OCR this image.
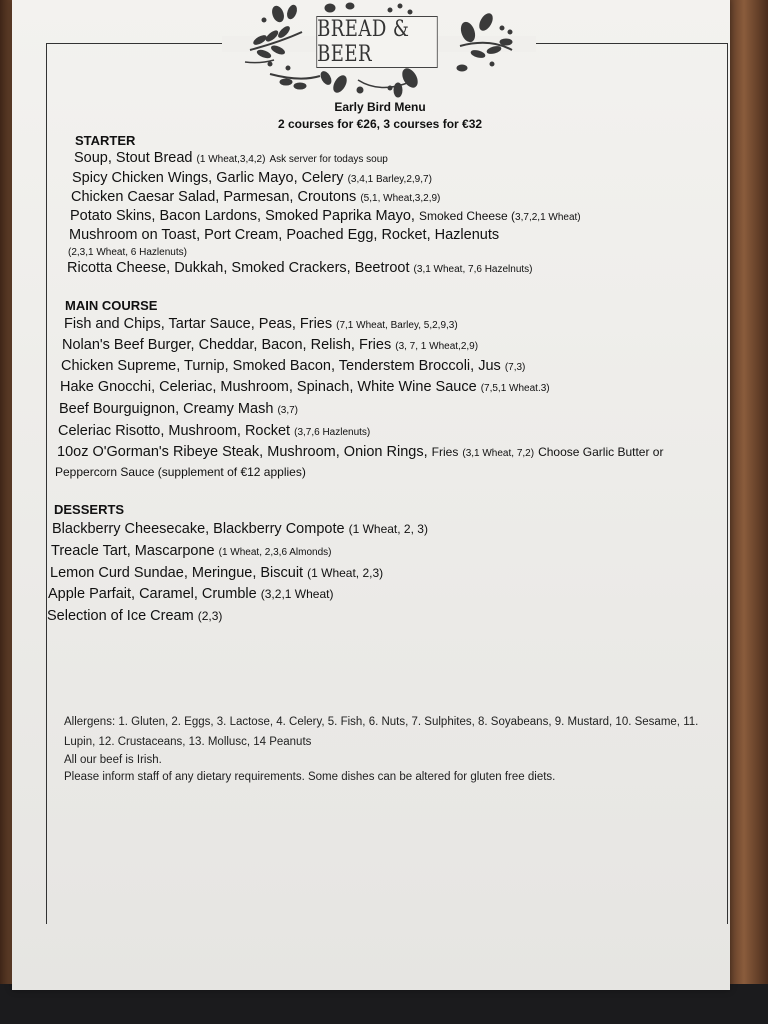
BREAD & BEER
Early Bird Menu
2 courses for €26, 3 courses for €32
STARTER
Soup, Stout Bread (1 Wheat,3,4,2) Ask server for todays soup
Spicy Chicken Wings, Garlic Mayo, Celery (3,4,1 Barley,2,9,7)
Chicken Caesar Salad, Parmesan, Croutons (5,1, Wheat,3,2,9)
Potato Skins, Bacon Lardons, Smoked Paprika Mayo, Smoked Cheese (3,7,2,1 Wheat)
Mushroom on Toast, Port Cream, Poached Egg, Rocket, Hazlenuts
(2,3,1 Wheat, 6 Hazlenuts)
Ricotta Cheese, Dukkah, Smoked Crackers, Beetroot (3,1 Wheat, 7,6 Hazelnuts)
MAIN COURSE
Fish and Chips, Tartar Sauce, Peas, Fries (7,1 Wheat, Barley, 5,2,9,3)
Nolan's Beef Burger, Cheddar, Bacon, Relish, Fries (3, 7, 1 Wheat,2,9)
Chicken Supreme, Turnip, Smoked Bacon, Tenderstem Broccoli, Jus (7,3)
Hake Gnocchi, Celeriac, Mushroom, Spinach, White Wine Sauce (7,5,1 Wheat.3)
Beef Bourguignon, Creamy Mash (3,7)
Celeriac Risotto, Mushroom, Rocket (3,7,6 Hazlenuts)
10oz O'Gorman's Ribeye Steak, Mushroom, Onion Rings, Fries (3,1 Wheat, 7,2) Choose Garlic Butter or
Peppercorn Sauce (supplement of €12 applies)
DESSERTS
Blackberry Cheesecake, Blackberry Compote (1 Wheat, 2, 3)
Treacle Tart, Mascarpone (1 Wheat, 2,3,6 Almonds)
Lemon Curd Sundae, Meringue, Biscuit (1 Wheat, 2,3)
Apple Parfait, Caramel, Crumble (3,2,1 Wheat)
Selection of Ice Cream (2,3)
Allergens: 1. Gluten, 2. Eggs, 3. Lactose, 4. Celery, 5. Fish, 6. Nuts, 7. Sulphites, 8. Soyabeans, 9. Mustard, 10. Sesame, 11.
Lupin, 12. Crustaceans, 13. Mollusc, 14 Peanuts
All our beef is Irish.
Please inform staff of any dietary requirements. Some dishes can be altered for gluten free diets.
